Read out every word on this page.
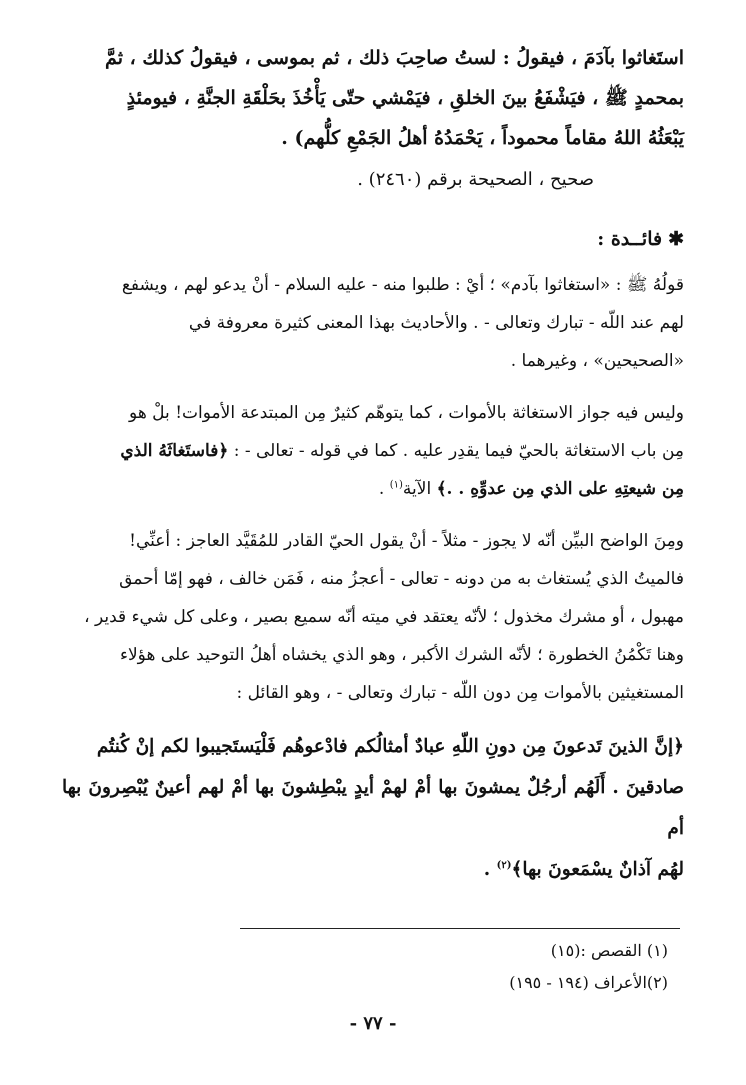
استَغاثوا بآدَمَ ، فيقولُ : لستُ صاحِبَ ذلك ، ثم بموسى ، فيقولُ كذلك ، ثمَّ
بمحمدٍ ﷺ ، فيَشْفَعُ بينَ الخلقِ ، فيَمْشي حتّى يَأْخُذَ بحَلْقَةِ الجنَّةِ ، فيومئذٍ
يَبْعَثُهُ اللهُ مقاماً محموداً ، يَحْمَدُهُ أهلُ الجَمْعِ كلُّهم) .
صحيح ، الصحيحة برقم (٢٤٦٠) .
✱فائــدة :
قولُهُ ﷺ : «استغاثوا بآدم» ؛ أيْ : طلبوا منه - عليه السلام - أنْ يدعو لهم ، ويشفع
لهم عند اللّه - تبارك وتعالى - . والأحاديث بهذا المعنى كثيرة معروفة في
«الصحيحين» ، وغيرهما .
وليس فيه جواز الاستغاثة بالأموات ، كما يتوهّم كثيرٌ مِن المبتدعة الأموات! بلْ هو
مِن باب الاستغاثة بالحيّ فيما يقدِر عليه . كما في قوله - تعالى - : ﴿فاستَغاثَهُ الذي
مِن شيعتِهِ على الذي مِن عدوِّهِ . .﴾ الآية$^{(١)}$ .
ومِنَ الواضح البيِّن أنّه لا يجوز - مثلاً - أنْ يقول الحيّ القادر للمُقَيَّد العاجز : أعنِّي!
فالميتُ الذي يُستغاث به من دونه - تعالى - أعجزُ منه ، فَمَن خالف ، فهو إمّا أحمق
مهبول ، أو مشرك مخذول ؛ لأنّه يعتقد في ميته أنّه سميع بصير ، وعلى كل شيء قدير ،
وهنا تَكْمُنُ الخطورة ؛ لأنّه الشرك الأكبر ، وهو الذي يخشاه أهلُ التوحيد على هؤلاء
المستغيثين بالأموات مِن دون اللّه - تبارك وتعالى - ، وهو القائل :
﴿إنَّ الذينَ تَدعونَ مِن دونِ اللّهِ عبادٌ أمثالُكم فادْعوهُم فَلْيَستَجيبوا لكم إنْ كُنتُم
صادقينَ . أَلَهُم أرجُلٌ يمشونَ بها أمْ لهمْ أيدٍ يبْطِشونَ بها أمْ لهم أعينٌ يُبْصِرونَ بها أم
لهُم آذانٌ يسْمَعونَ بها﴾$^{(٢)}$ .
(١) القصص :(١٥)
(٢)الأعراف (١٩٤ - ١٩٥)
- ٧٧ -
